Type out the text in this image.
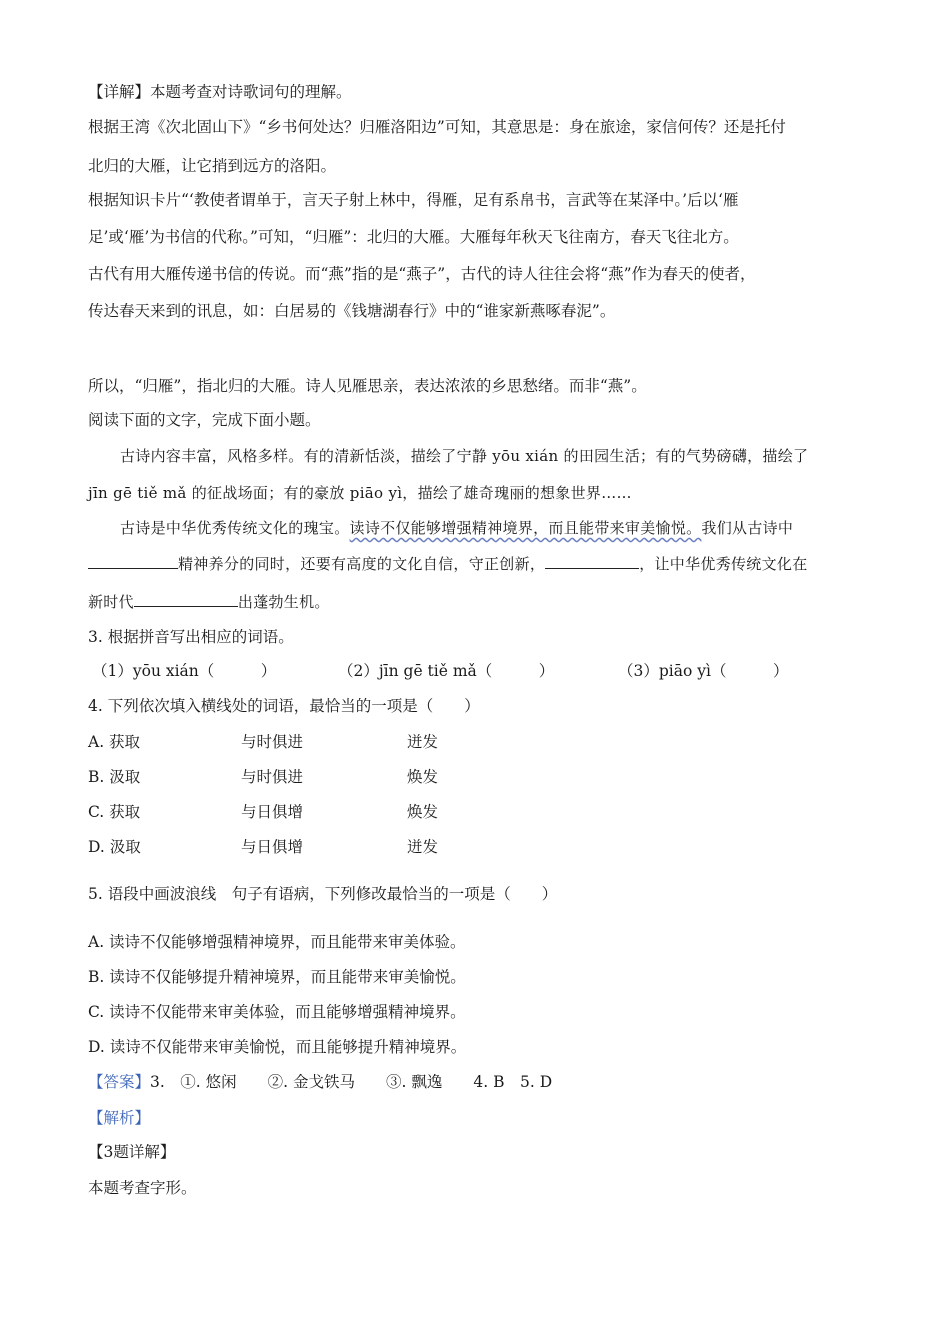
【详解】本题考查对诗歌词句的理解。
根据王湾《次北固山下》“乡书何处达？归雁洛阳边”可知，其意思是：身在旅途，家信何传？还是托付
北归的大雁，让它捎到远方的洛阳。
根据知识卡片“‘教使者谓单于，言天子射上林中，得雁，足有系帛书，言武等在某泽中。’后以‘雁
足’或‘雁’为书信的代称。”可知，“归雁”：北归的大雁。大雁每年秋天飞往南方，春天飞往北方。
古代有用大雁传递书信的传说。而“燕”指的是“燕子”，古代的诗人往往会将“燕”作为春天的使者，
传达春天来到的讯息，如：白居易的《钱塘湖春行》中的“谁家新燕啄春泥”。
所以，“归雁”，指北归的大雁。诗人见雁思亲，表达浓浓的乡思愁绪。而非“燕”。
阅读下面的文字，完成下面小题。
古诗内容丰富，风格多样。有的清新恬淡，描绘了宁静 yōu xián 的田园生活；有的气势磅礴，描绘了
jīn gē tiě mǎ 的征战场面；有的豪放 piāo yì，描绘了雄奇瑰丽的想象世界……
古诗是中华优秀传统文化的瑰宝。读诗不仅能够增强精神境界，而且能带来审美愉悦。我们从古诗中
精神养分的同时，还要有高度的文化自信，守正创新，	，让中华优秀传统文化在
新时代	出蓬勃生机。
3. 根据拼音写出相应的词语。
（1）yōu xián（　　　）	（2）jīn gē tiě mǎ（　　　）	（3）piāo yì（　　　）
4. 下列依次填入横线处的词语，最恰当的一项是（　　）
A. 获取	与时俱进	迸发
B. 汲取	与时俱进	焕发
C. 获取	与日俱增	焕发
D. 汲取	与日俱增	迸发
5. 语段中画波浪线　句子有语病，下列修改最恰当的一项是（　　）
A. 读诗不仅能够增强精神境界，而且能带来审美体验。
B. 读诗不仅能够提升精神境界，而且能带来审美愉悦。
C. 读诗不仅能带来审美体验，而且能够增强精神境界。
D. 读诗不仅能带来审美愉悦，而且能够提升精神境界。
【答案】3.　①. 悠闲　　②. 金戈铁马　　③. 飘逸　　4. B　5. D
【解析】
【3题详解】
本题考查字形。
